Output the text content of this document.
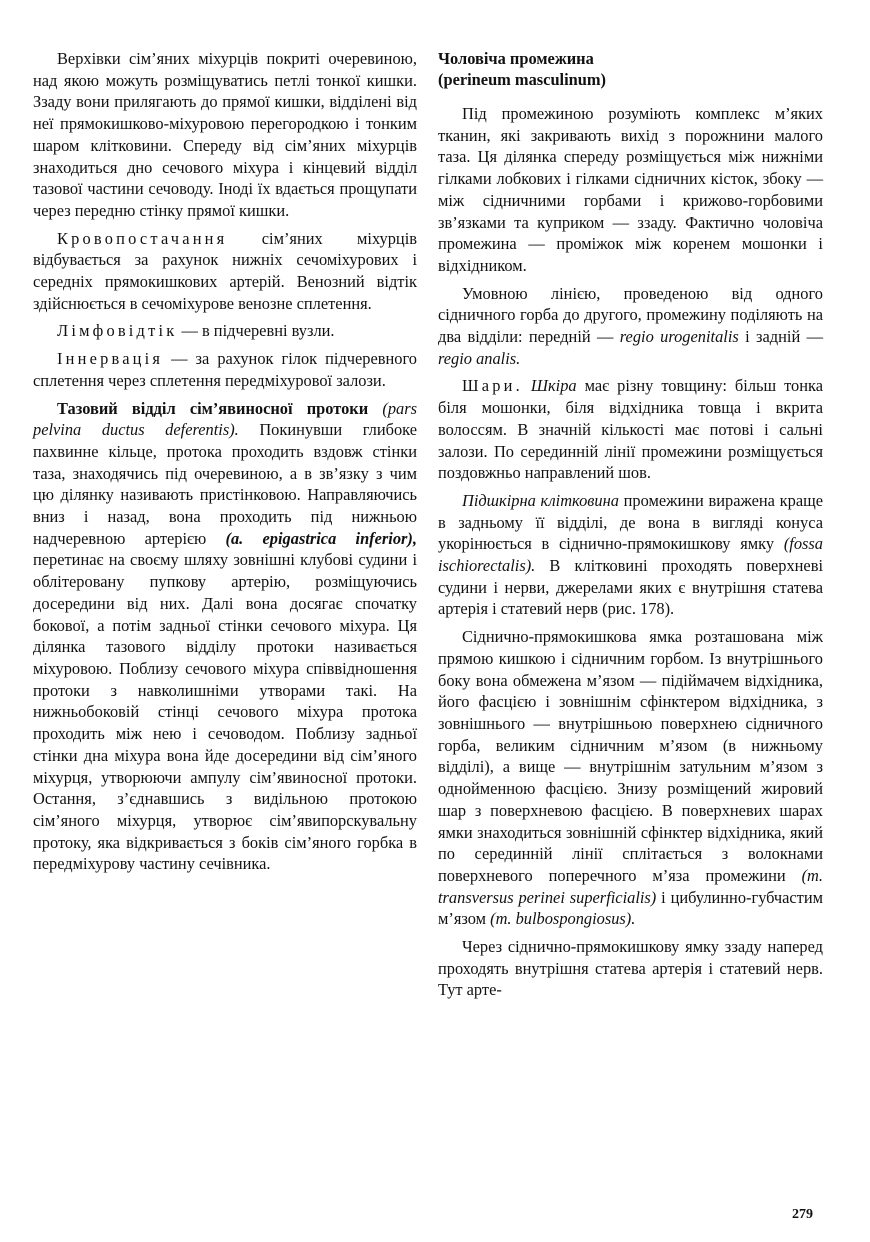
Верхівки сім’яних міхурців покриті очеревиною, над якою можуть розміщуватись петлі тонкої кишки. Ззаду вони прилягають до прямої кишки, відділені від неї прямокишково-міхуровою перегородкою і тонким шаром клітковини. Спереду від сім’яних міхурців знаходиться дно сечового міхура і кінцевий відділ тазової частини сечоводу. Іноді їх вдається прощупати через передню стінку прямої кишки.

Кровопостачання сім’яних міхурців відбувається за рахунок нижніх сечоміхурових і середніх прямокишкових артерій. Венозний відтік здійснюється в сечоміхурове венозне сплетення.

Лімфовідтік — в підчеревні вузли.

Іннервація — за рахунок гілок підчеревного сплетення через сплетення передміхурової залози.

Тазовий відділ сім’явиносної протоки (pars pelvina ductus deferentis). Покинувши глибоке пахвинне кільце, протока проходить вздовж стінки таза, знаходячись під очеревиною, а в зв’язку з чим цю ділянку називають пристінковою. Направляючись вниз і назад, вона проходить під нижньою надчеревною артерією (a. epigastrica inferior), перетинає на своєму шляху зовнішні клубові судини і облітеровану пупкову артерію, розміщуючись досередини від них. Далі вона досягає спочатку бокової, а потім задньої стінки сечового міхура. Ця ділянка тазового відділу протоки називається міхуровою. Поблизу сечового міхура співвідношення протоки з навколишніми утворами такі. На нижньобоковій стінці сечового міхура протока проходить між нею і сечоводом. Поблизу задньої стінки дна міхура вона йде досередини від сім’яного міхурця, утворюючи ампулу сім’явиносної протоки. Остання, з’єднавшись з видільною протокою сім’яного міхурця, утворює сім’явипорскувальну протоку, яка відкривається з боків сім’яного горбка в передміхурову частину сечівника.

Чоловіча промежина
(perineum masculinum)

Під промежиною розуміють комплекс м’яких тканин, які закривають вихід з порожнини малого таза. Ця ділянка спереду розміщується між нижніми гілками лобкових і гілками сідничних кісток, збоку — між сідничними горбами і крижово-горбовими зв’язками та куприком — ззаду. Фактично чоловіча промежина — проміжок між коренем мошонки і відхідником.

Умовною лінією, проведеною від одного сідничного горба до другого, промежину поділяють на два відділи: передній — regio urogenitalis і задній — regio analis.

Шари. Шкіра має різну товщину: більш тонка біля мошонки, біля відхідника товща і вкрита волоссям. В значній кількості має потові і сальні залози. По серединній лінії промежини розміщується поздовжньо направлений шов.

Підшкірна клітковина промежини виражена краще в задньому її відділі, де вона в вигляді конуса укорінюється в сіднично-прямокишкову ямку (fossa ischiorectalis). В клітковині проходять поверхневі судини і нерви, джерелами яких є внутрішня статева артерія і статевий нерв (рис. 178).

Сіднично-прямокишкова ямка розташована між прямою кишкою і сідничним горбом. Із внутрішнього боку вона обмежена м’язом — підіймачем відхідника, його фасцією і зовнішнім сфінктером відхідника, з зовнішнього — внутрішньою поверхнею сідничного горба, великим сідничним м’язом (в нижньому відділі), а вище — внутрішнім затульним м’язом з однойменною фасцією. Знизу розміщений жировий шар з поверхневою фасцією. В поверхневих шарах ямки знаходиться зовнішній сфінктер відхідника, який по серединній лінії сплітається з волокнами поверхневого поперечного м’яза промежини (m. transversus perinei superficialis) і цибулинно-губчастим м’язом (m. bulbospongiosus).

Через сіднично-прямокишкову ямку ззаду наперед проходять внутрішня статева артерія і статевий нерв. Тут арте-

279
